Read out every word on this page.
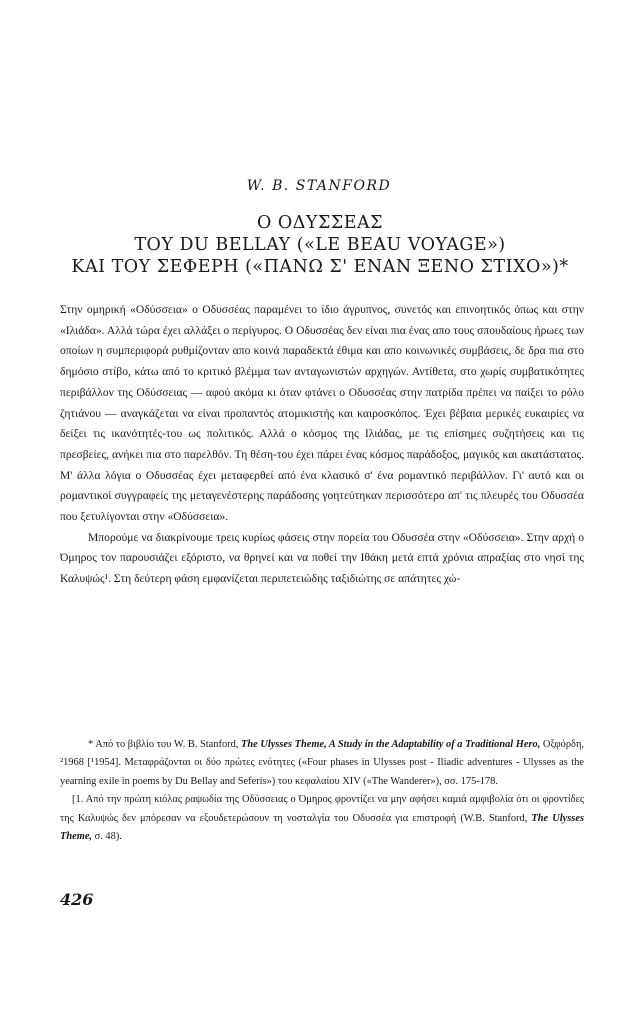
W. B. STANFORD
Ο ΟΔΥΣΣΕΑΣ
ΤΟΥ DU BELLAY («LE BEAU VOYAGE»)
ΚΑΙ ΤΟΥ ΣΕΦΕΡΗ («ΠΑΝΩ Σ' ΕΝΑΝ ΞΕΝΟ ΣΤΙΧΟ»)*

Στην ομηρική «Οδύσσεια» ο Οδυσσέας παραμένει το ίδιο άγρυπνος, συνετός και επινοητικός όπως και στην «Ιλιάδα». Αλλά τώρα έχει αλλάξει ο περίγυρος. Ο Οδυσσέας δεν είναι πια ένας απο τους σπουδαίους ήρωες των οποίων η συμπεριφορά ρυθμίζονταν απο κοινά παραδεκτά έθιμα και απο κοινωνικές συμβάσεις, δε δρα πια στο δημόσιο στίβο, κάτω από το κριτικό βλέμμα των ανταγωνιστών αρχηγών. Αντίθετα, στο χωρίς συμβατικότητες περιβάλλον της Οδύσσειας — αφού ακόμα κι όταν φτάνει ο Οδυσσέας στην πατρίδα πρέπει να παίξει το ρόλο ζητιάνου — αναγκάζεται να είναι προπαντός ατομικιστής και καιροσκόπος. Έχει βέβαια μερικές ευκαιρίες να δείξει τις ικανότητές-του ως πολιτικός. Αλλά ο κόσμος της Ιλιάδας, με τις επίσημες συζητήσεις και τις πρεσβείες, ανήκει πια στο παρελθόν. Τη θέση-του έχει πάρει ένας κόσμος παράδοξος, μαγικός και ακατάστατος. Μ' άλλα λόγια ο Οδυσσέας έχει μεταφερθεί από ένα κλασικό σ' ένα ρομαντικό περιβάλλον. Γι' αυτό και οι ρομαντικοί συγγραφείς της μεταγενέστερης παράδοσης γοητεύτηκαν περισσότερο απ' τις πλευρές του Οδυσσέα που ξετυλίγονται στην «Οδύσσεια».

Μπορούμε να διακρίνουμε τρεις κυρίως φάσεις στην πορεία του Οδυσσέα στην «Οδύσσεια». Στην αρχή ο Όμηρος τον παρουσιάζει εξόριστο, να θρηνεί και να ποθεί την Ιθάκη μετά επτά χρόνια απραξίας στο νησί της Καλυψώς¹. Στη δεύτερη φάση εμφανίζεται περιπετειώδης ταξιδιώτης σε απάτητες χώ-

* Από το βιβλίο του W. B. Stanford, The Ulysses Theme, A Study in the Adaptability of a Traditional Hero, Οξφόρδη, ²1968 [¹1954]. Μεταφράζονται οι δύο πρώτες ενότητες («Four phases in Ulysses post - Iliadic adventures - Ulysses as the yearning exile in poems by Du Bellay and Seferis») του κεφαλαίου XIV («The Wanderer»), σσ. 175-178.

[1. Από την πρώτη κιόλας ραψωδία της Οδύσσειας ο Όμηρος φροντίζει να μην αφήσει καμιά αμφιβολία ότι οι φροντίδες της Καλυψώς δεν μπόρεσαν να εξουδετερώσουν τη νοσταλγία του Οδυσσέα για επιστροφή (W.B. Stanford, The Ulysses Theme, σ. 48).

426
